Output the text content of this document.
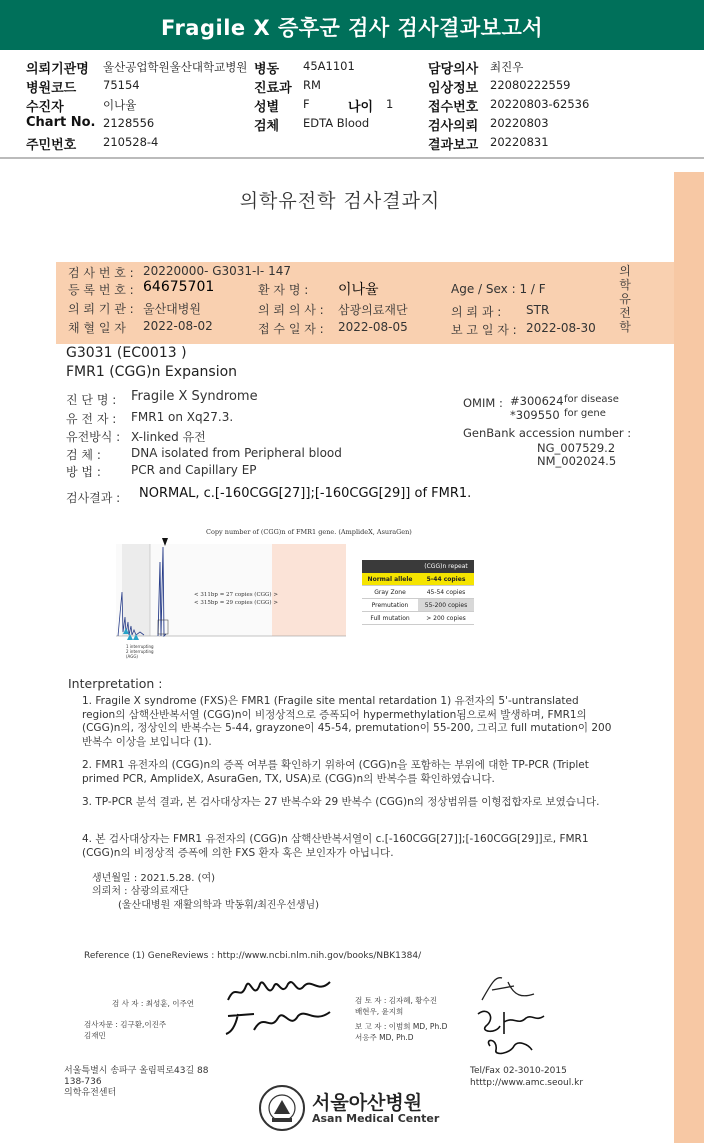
Fragile X 증후군 검사 검사결과보고서
의뢰기관명 울산공업학원울산대학교병원 병동 45A1101	담당의사 최진우
병원코드 75154	진료과 RM	임상정보 22080222559
수진자	이나율	성별 F	나이 1	접수번호 20220803-62536
Chart No. 2128556	검체 EDTA Blood	검사의뢰 20220803
주민번호 210528-4	결과보고 20220831
의학유전학 검사결과지
의
학
유
전
학
검 사 번 호 : 20220000- G3031-I- 147
등 록 번 호 : 64675701	환 자 명 : 이나율	Age / Sex : 1 / F
의 뢰 기 관 : 울산대병원	의 뢰 의 사 : 삼광의료재단	의 뢰 과 : STR
채 혈 일 자 2022-08-02	접 수 일 자 : 2022-08-05	보 고 일 자 : 2022-08-30
G3031 (EC0013 )
FMR1 (CGG)n Expansion
진 단 명 : Fragile X Syndrome
유 전 자 : FMR1 on Xq27.3.
유전방식 : X-linked 유전
검 체 :	DNA isolated from Peripheral blood
방 법 :	PCR and Capillary EP
OMIM : #300624 for disease
*309550 for gene
GenBank accession number :
NG_007529.2
NM_002024.5
검사결과 : NORMAL, c.[-160CGG[27]];[-160CGG[29]] of FMR1.
Copy number of (CGG)n of FMR1 gene. (AmplideX, AsuraGen)
< 311bp = 27 copies (CGG) >
< 315bp = 29 copies (CGG) >
1 interrupting
2 interrupting
(AGG)
(CGG)n repeat
Normal allele	5-44 copies
Gray Zone	45-54 copies
Premutation	55-200 copies
Full mutation	> 200 copies
Interpretation :
1. Fragile X syndrome (FXS)은 FMR1 (Fragile site mental retardation 1) 유전자의 5'-untranslated region의 삼핵산반복서열 (CGG)n이 비정상적으로 증폭되어 hypermethylation됨으로써 발생하며, FMR1의 (CGG)n의, 정상인의 반복수는 5-44, grayzone이 45-54, premutation이 55-200, 그리고 full mutation이 200 반복수 이상을 보입니다 (1).
2. FMR1 유전자의 (CGG)n의 증폭 여부를 확인하기 위하여 (CGG)n을 포함하는 부위에 대한 TP-PCR (Triplet primed PCR, AmplideX, AsuraGen, TX, USA)로 (CGG)n의 반복수를 확인하였습니다.
3. TP-PCR 분석 결과, 본 검사대상자는 27 반복수와 29 반복수 (CGG)n의 정상범위를 이형접합자로 보였습니다.
4. 본 검사대상자는 FMR1 유전자의 (CGG)n 삼핵산반복서열이 c.[-160CGG[27]];[-160CGG[29]]로, FMR1 (CGG)n의 비정상적 증폭에 의한 FXS 환자 혹은 보인자가 아닙니다.
생년월일 : 2021.5.28. (여)
의뢰처 : 삼광의료재단
(울산대병원 재활의학과 박동휘/최진우선생님)
Reference (1) GeneReviews : http://www.ncbi.nlm.nih.gov/books/NBK1384/
검 사 자 : 최성훈, 이주연
검사자문 : 김구환,이진주
김재민
검 토 자 : 김자혜, 황수진
배현우, 윤지희
보 고 자 : 이범희 MD, Ph.D
서응주 MD, Ph.D
서울특별시 송파구 올림픽로43길 88
138-736
의학유전센터
Tel/Fax 02-3010-2015
htttp://www.amc.seoul.kr
서울아산병원
Asan Medical Center
